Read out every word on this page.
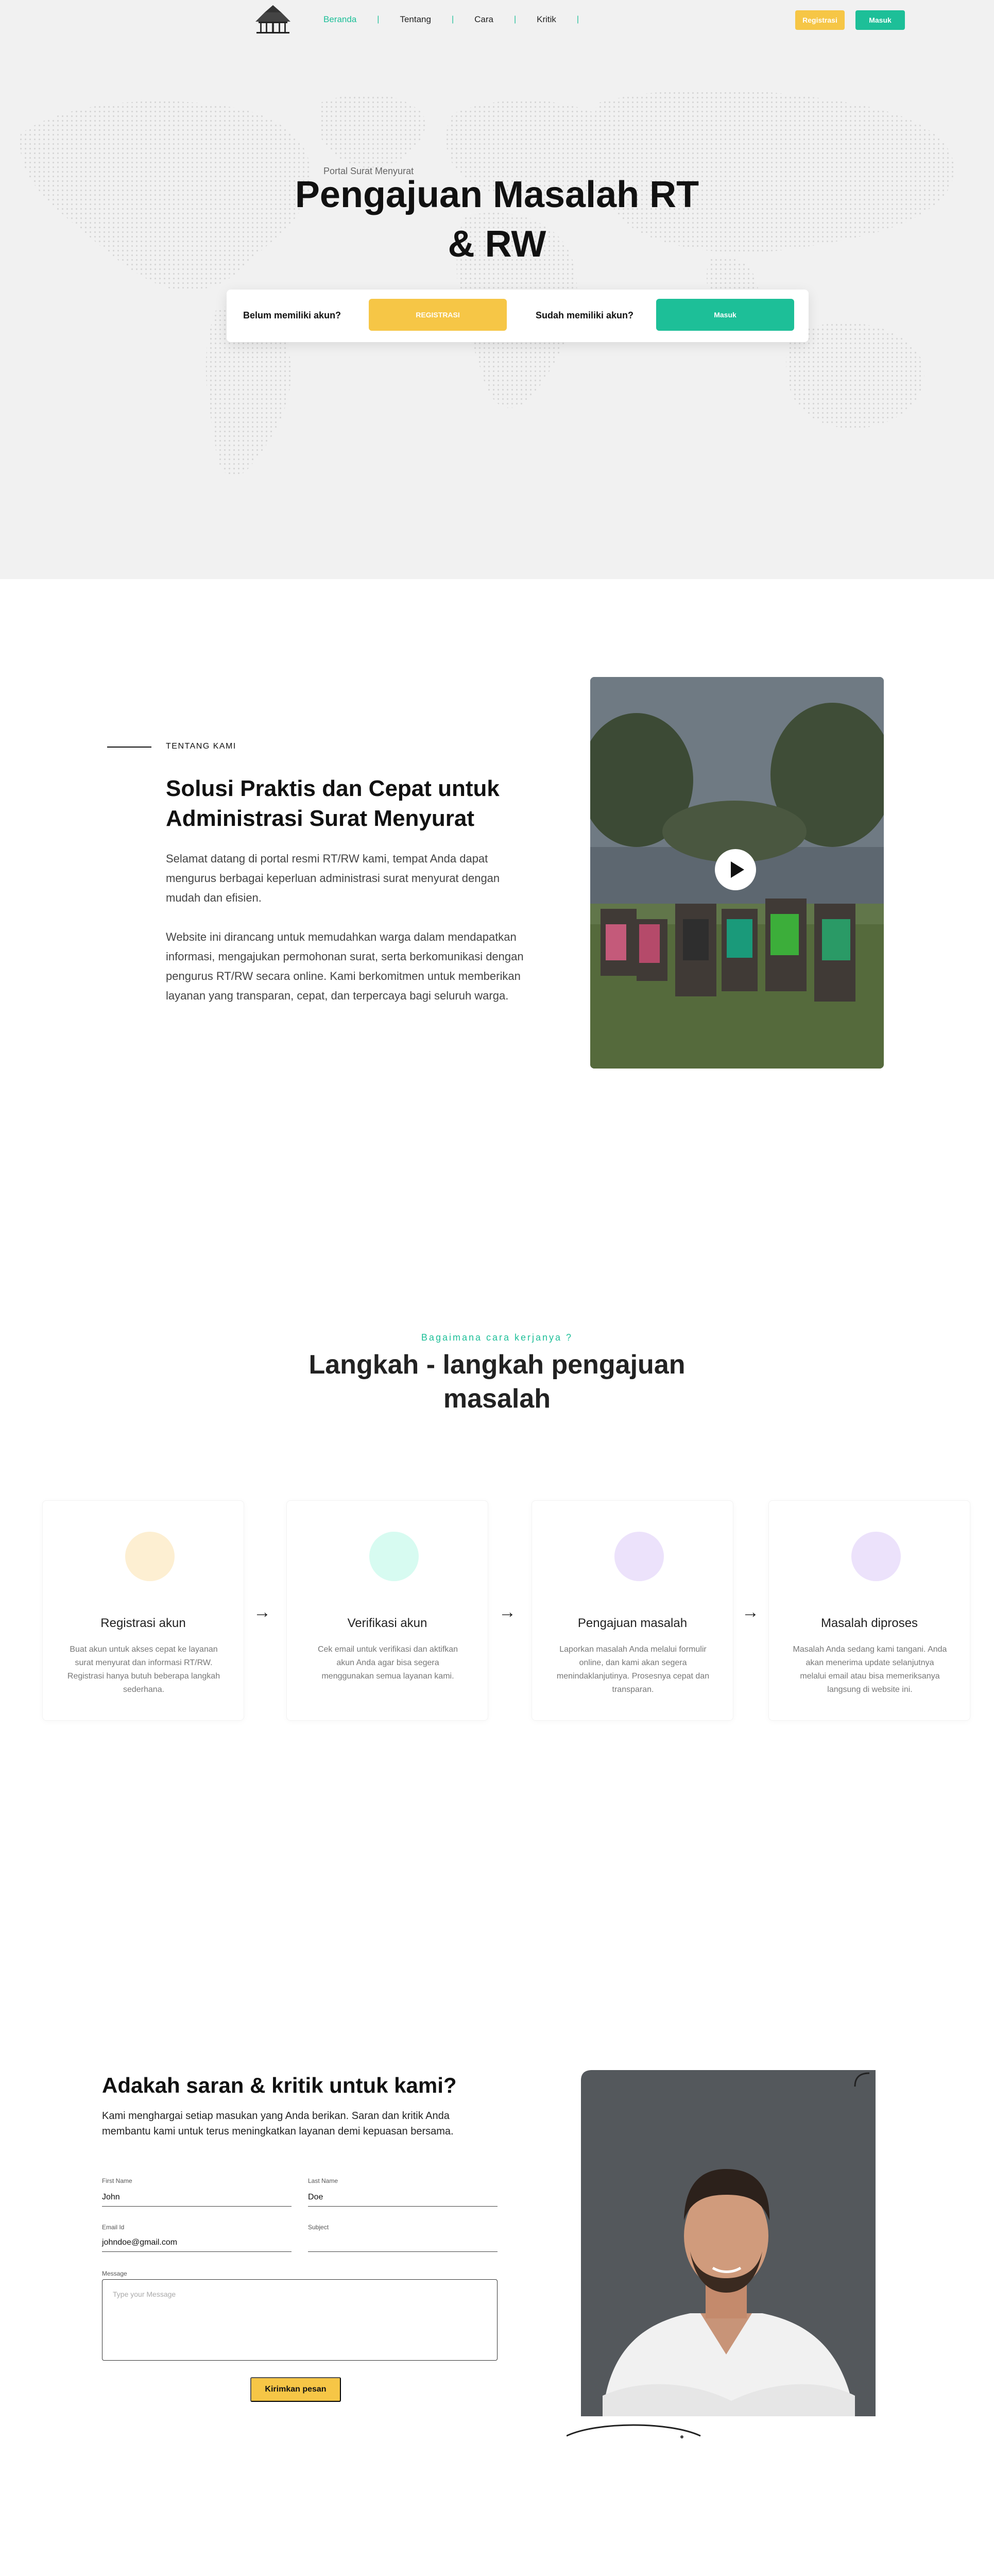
Portal Surat Menyurat
Pengajuan Masalah RT & RW
Belum memiliki akun?	REGISTRASI	Sudah memiliki akun?	Masuk
Beranda	| Tentang	| Cara	| Kritik	|	Registrasi	Masuk
TENTANG KAMI
Solusi Praktis dan Cepat untuk Administrasi Surat Menyurat

Selamat datang di portal resmi RT/RW kami, tempat Anda dapat mengurus berbagai keperluan administrasi surat menyurat dengan mudah dan efisien.

Website ini dirancang untuk memudahkan warga dalam mendapatkan informasi, mengajukan permohonan surat, serta berkomunikasi dengan pengurus RT/RW secara online. Kami berkomitmen untuk memberikan layanan yang transparan, cepat, dan terpercaya bagi seluruh warga.

Bagaimana cara kerjanya ?
Langkah - langkah pengajuan masalah
Registrasi akun
Buat akun untuk akses cepat ke layanan surat menyurat dan informasi RT/RW. Registrasi hanya butuh beberapa langkah sederhana.
→
Verifikasi akun
Cek email untuk verifikasi dan aktifkan akun Anda agar bisa segera menggunakan semua layanan kami.
→
Pengajuan masalah
Laporkan masalah Anda melalui formulir online, dan kami akan segera menindaklanjutinya. Prosesnya cepat dan transparan.
→
Masalah diproses
Masalah Anda sedang kami tangani. Anda akan menerima update selanjutnya melalui email atau bisa memeriksanya langsung di website ini.
Adakah saran & kritik untuk kami?

Kami menghargai setiap masukan yang Anda berikan. Saran dan kritik Anda membantu kami untuk terus meningkatkan layanan demi kepuasan bersama.

First Name
John
Last Name
Doe
Email Id
johndoe@gmail.com
Subject
Message
Type your Message
Kirimkan pesan
